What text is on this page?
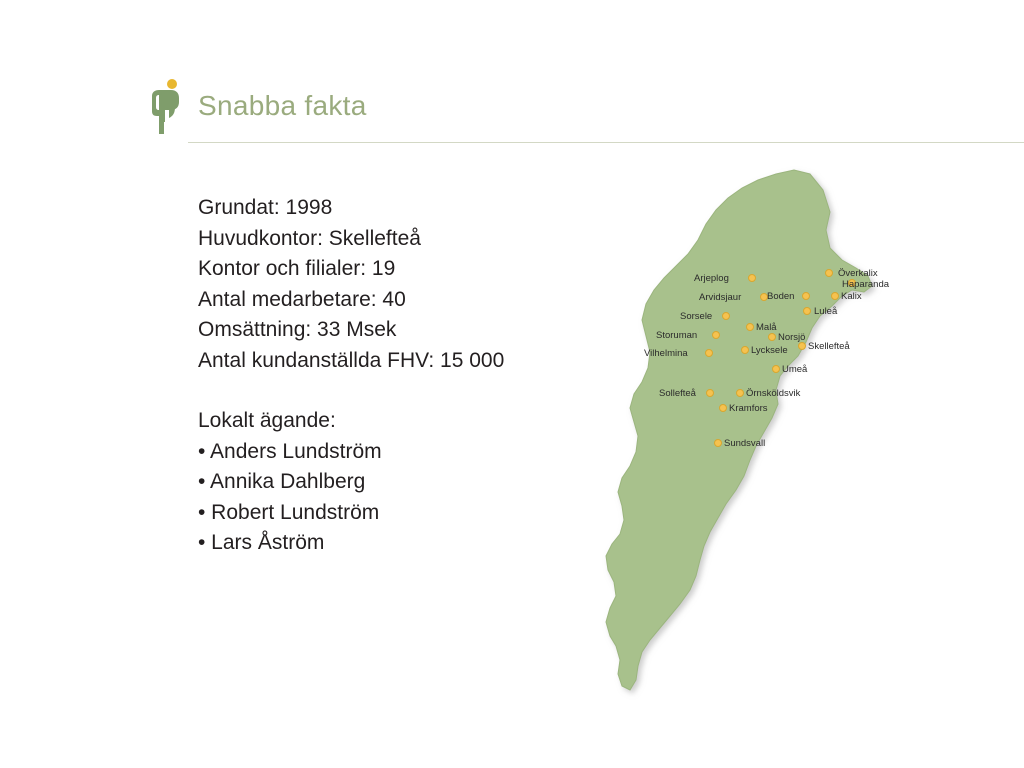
Snabba fakta
Grundat: 1998
Huvudkontor: Skellefteå
Kontor och filialer: 19
Antal medarbetare: 40
Omsättning: 33 Msek
Antal kundanställda FHV: 15 000
Lokalt ägande:
• Anders Lundström
• Annika Dahlberg
• Robert Lundström
• Lars Åström
Arjeplog	Överkalix
Haparanda
Arvidsjaur	Boden	Kalix
Luleå
Sorsele
Malå
Storuman	Norsjö
Skellefteå
Vilhelmina	Lycksele
Umeå
Sollefteå	Örnsköldsvik
Kramfors
Sundsvall
